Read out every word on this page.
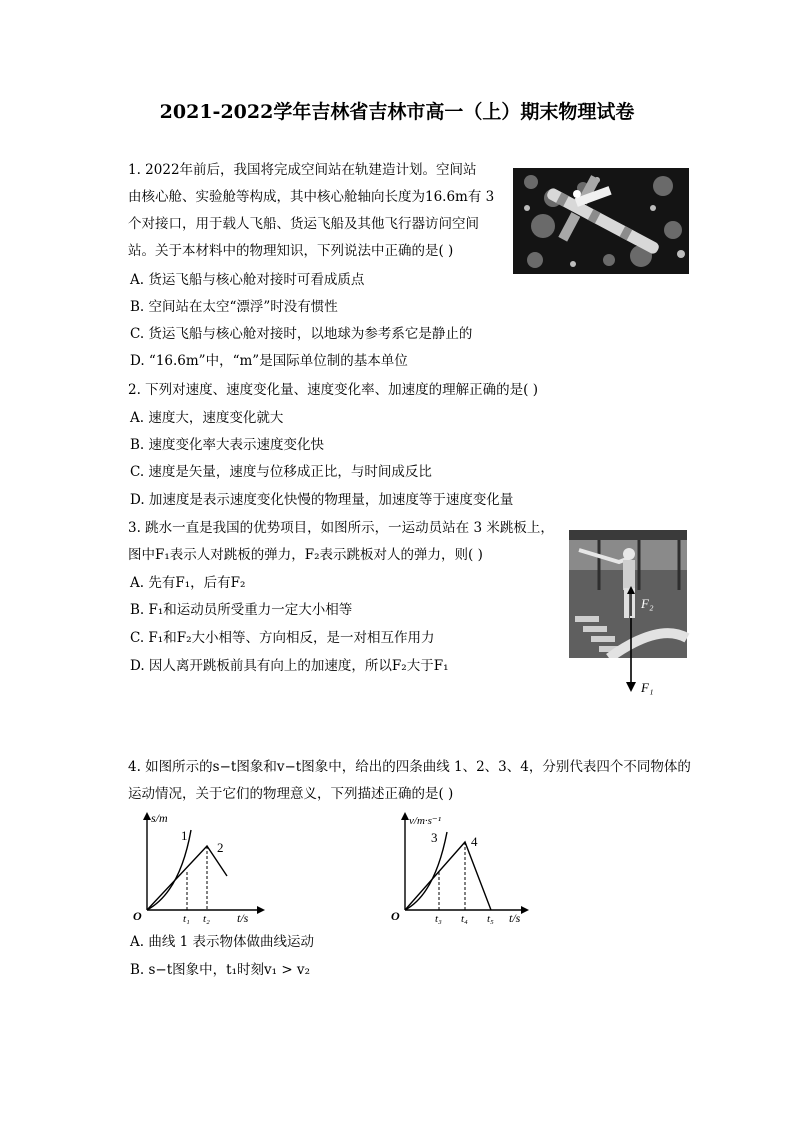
2021-2022学年吉林省吉林市高一（上）期末物理试卷
1. 2022年前后，我国将完成空间站在轨建造计划。空间站
由核心舱、实验舱等构成，其中核心舱轴向长度为16.6m有 3
个对接口，用于载人飞船、货运飞船及其他飞行器访问空间
站。关于本材料中的物理知识，下列说法中正确的是( )
A. 货运飞船与核心舱对接时可看成质点
B. 空间站在太空“漂浮”时没有惯性
C. 货运飞船与核心舱对接时，以地球为参考系它是静止的
D. “16.6m”中，“m”是国际单位制的基本单位
2. 下列对速度、速度变化量、速度变化率、加速度的理解正确的是( )
A. 速度大，速度变化就大
B. 速度变化率大表示速度变化快
C. 速度是矢量，速度与位移成正比，与时间成反比
D. 加速度是表示速度变化快慢的物理量，加速度等于速度变化量
3. 跳水一直是我国的优势项目，如图所示，一运动员站在 3 米跳板上，
图中F₁表示人对跳板的弹力，F₂表示跳板对人的弹力，则( )
A. 先有F₁，后有F₂
B. F₁和运动员所受重力一定大小相等
C. F₁和F₂大小相等、方向相反，是一对相互作用力
D. 因人离开跳板前具有向上的加速度，所以F₂大于F₁
F₂
F₁
4. 如图所示的s−t图象和v−t图象中，给出的四条曲线 1、2、3、4，分别代表四个不同物体的
运动情况，关于它们的物理意义，下列描述正确的是( )
s/m
t/s
O
1
2
t₁ t₂
v/m·s⁻¹
t/s
O
3	4
t₃ t₄ t₅
A. 曲线 1 表示物体做曲线运动
B. s−t图象中，t₁时刻v₁ > v₂
